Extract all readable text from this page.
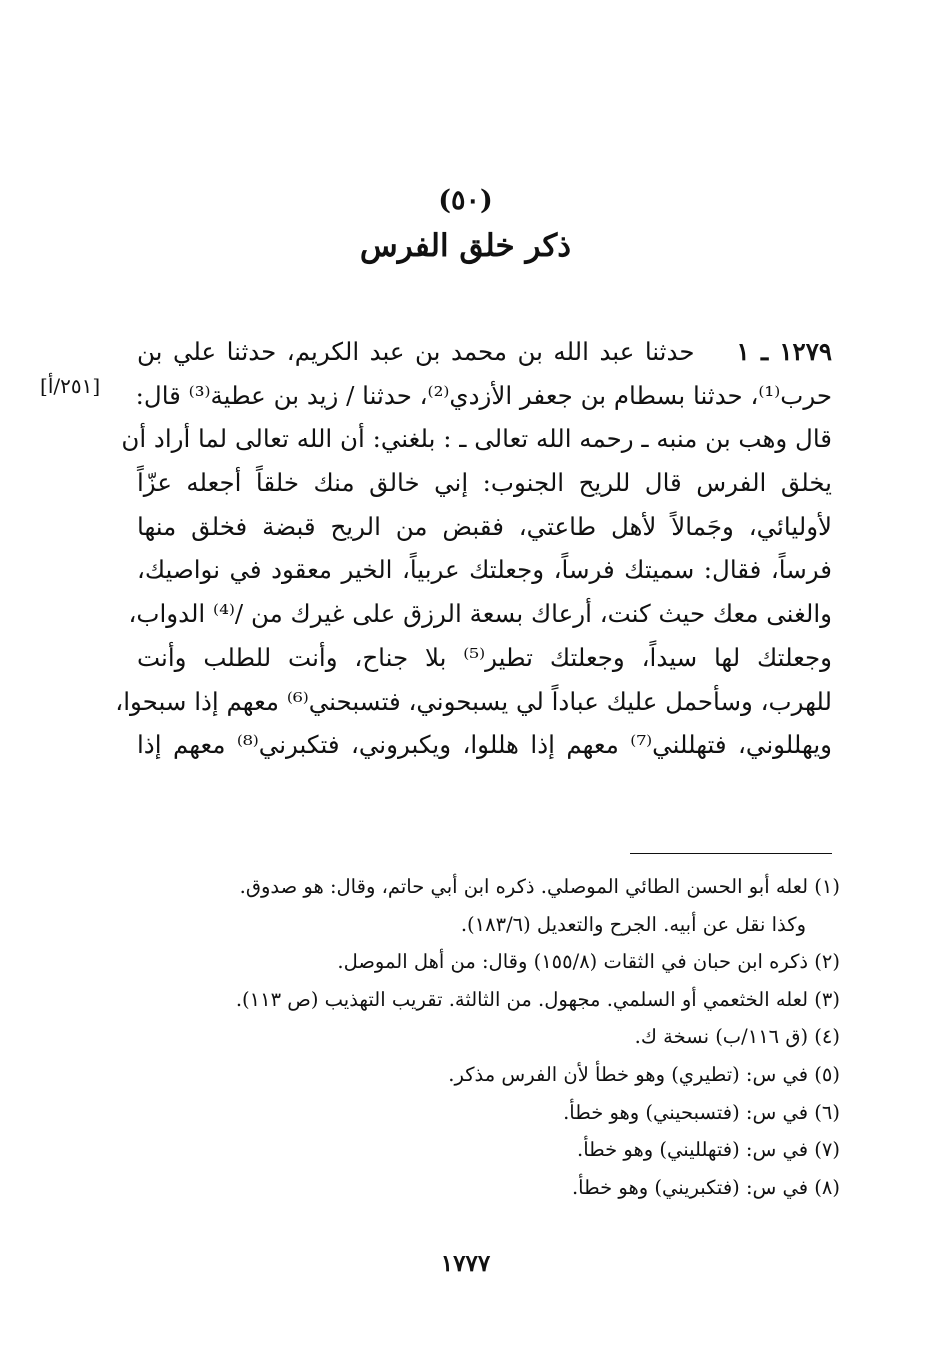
(٥٠)
ذكر خلق الفرس
[٢٥١/أ]
١٢٧٩ ـ ١    حدثنا عبد الله بن محمد بن عبد الكريم، حدثنا علي بن
حرب⁽¹⁾، حدثنا بسطام بن جعفر الأزدي⁽²⁾، حدثنا / زيد بن عطية⁽³⁾ قال:
قال وهب بن منبه ـ رحمه الله تعالى ـ : بلغني: أن الله تعالى لما أراد أن
يخلق الفرس قال للريح الجنوب: إني خالق منك خلقاً أجعله عزّاً
لأوليائي، وجَمالاً لأهل طاعتي، فقبض من الريح قبضة فخلق منها
فرساً، فقال: سميتك فرساً، وجعلتك عربياً، الخير معقود في نواصيك،
والغنى معك حيث كنت، أرعاك بسعة الرزق على غيرك من /⁽⁴⁾ الدواب،
وجعلتك لها سيداً، وجعلتك تطير⁽⁵⁾ بلا جناح، وأنت للطلب وأنت
للهرب، وسأحمل عليك عباداً لي يسبحوني، فتسبحني⁽⁶⁾ معهم إذا سبحوا،
ويهللوني، فتهللني⁽⁷⁾ معهم إذا هللوا، ويكبروني، فتكبرني⁽⁸⁾ معهم إذا
(١) لعله أبو الحسن الطائي الموصلي. ذكره ابن أبي حاتم، وقال: هو صدوق.
وكذا نقل عن أبيه. الجرح والتعديل (١٨٣/٦).
(٢) ذكره ابن حبان في الثقات (١٥٥/٨) وقال: من أهل الموصل.
(٣) لعله الخثعمي أو السلمي. مجهول. من الثالثة. تقريب التهذيب (ص ١١٣).
(٤) (ق ١١٦/ب) نسخة ك.
(٥) في س: (تطيري) وهو خطأ لأن الفرس مذكر.
(٦) في س: (فتسبحيني) وهو خطأ.
(٧) في س: (فتهلليني) وهو خطأ.
(٨) في س: (فتكبريني) وهو خطأ.
١٧٧٧
